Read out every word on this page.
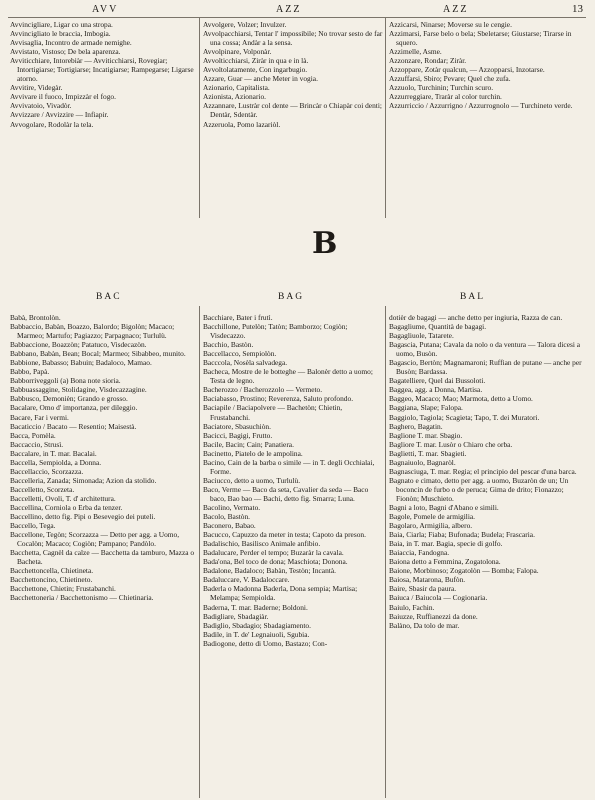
AVV	AZZ	AZZ	13

Avvincigliare, Ligar co una stropa.

Avvincigliato le braccia, Imbogia.

Avvisaglia, Incontro de armade nemighe.

Avvistato, Vistoso; De bela aparenza.

Avviticchiare, Intorebiàr — Avviticchiarsi, Rovegiar; Intortigiarse; Tortigiarse; Incatigiarse; Rampegarse; Ligarse atorno.

Avvitire, Videgàr.

Avvivare il fuoco, Impizzàr el fogo.

Avvivatoio, Vivadòr.

Avvizzare / Avvizzire — Infiapir.

Avvogolare, Rodolàr la tela.

Avvolgere, Volzer; Invulzer.

Avvolpacchiarsi, Tentar l' impossibile; No trovar sesto de far una cossa; Andàr a la sensa.

Avvolpinare, Volponàr.

Avvolticchiarsi, Ziràr in qua e in là.

Avvoltolatamente, Con ingarbugio.

Azzare, Guar — anche Meter in vogia.

Azionario, Capitalista.

Azionista, Azionario.

Azzannare, Lustràr col dente — Brincàr o Chiapàr coi denti; Dentàr, Sdentàr.

Azzeruola, Pomo lazariòl.

Azzicarsi, Ninarse; Moverse su le cengie.

Azzimarsi, Farse belo o bela; Sbeletarse; Giustarse; Tirarse in squero.

Azzimelle, Asme.

Azzonzare, Rondar; Ziràr.

Azzoppare, Zotàr qualcun, — Azzopparsi, Inzotarse.

Azzuffarsi, Sbiro; Pevare; Quel che zufa.

Azzuolo, Turchinin; Turchin scuro.

Azzurreggiare, Traràr al color turchin.

Azzurriccio / Azzurrigno / Azzurrognolo — Turchineto verde.

B
BAC	BAG	BAL

Babà, Brontolòn.

Babbaccio, Babàn, Boazzo, Balordo; Bigolòn; Macaco; Marmeo; Martufo; Pagiazzo; Parpagnaco; Turlulù.

Babbaccione, Boazzòn; Patatuco, Visdecazòn.

Babbano, Babàn, Bean; Bocal; Marmeo; Sibabbeo, munito.

Babbione, Babasso; Babuin; Badaloco, Mamao.

Babbo, Papà.

Babborriveggoli (a) Bona note sioria.

Babbuassaggine, Stolidagine, Visdecazzagine.

Babbusco, Demonièn; Grando e grosso.

Bacalare, Omo d' importanza, per dileggio.

Bacare, Far i vermi.

Bacaticcio / Bacato — Resentio; Maisestà.

Bacca, Pomèla.

Baccaccio, Strusì.

Baccalare, in T. mar. Bacalai.

Baccella, Sempiolda, a Donna.

Baccellaccio, Scorzazza.

Baccelleria, Zanada; Simonada; Azion da stolido.

Baccelletto, Scorzeta.

Baccelletti, Ovoli, T. d' architettura.

Baccellina, Corniola o Erba da tenzer.

Baccellino, detto fig. Pipi o Besevegio dei puteli.

Baccello, Tega.

Baccellone, Tegòn; Scorzazza — Detto per agg. a Uomo, Cocalòn; Macaco; Cogiòn; Pampano; Pandòlo.

Bacchetta, Cagnèl da calze — Bacchetta da tamburo, Mazza o Bacheta.

Bacchettoncella, Chietineta.

Bacchettoncino, Chietineto.

Bacchettone, Chietin; Frustabanchi.

Bacchettoneria / Bacchettonismo — Chietinaria.

Bacchiare, Bater i frutì.

Bacchillone, Putelòn; Tatòn; Bamborzo; Cogiòn; Visdecazzo.

Bacchio, Bastòn.

Baccellacco, Sempiolòn.

Bacccola, Nosèla salvadega.

Bacheca, Mostre de le botteghe — Balonèr detto a uomo; Testa de legno.

Bacherozzo / Bacherozzolo — Vermeto.

Baciabasso, Prostino; Reverenza, Saluto profondo.

Baciapile / Baciapolvere — Bachetòn; Chietin, Frustabanchi.

Baciatore, Sbasuchiòn.

Bacicci, Bagigi, Frutto.

Bacile, Bacin; Cain; Panatiera.

Bacinetto, Piatelo de le ampolina.

Bacino, Cain de la barba o simile — in T. degli Occhialai, Forme.

Baciucco, detto a uomo, Turlulù.

Baco, Verme — Baco da seta, Cavalier da seda — Baco baco, Bao bao — Bachi, detto fig. Smarra; Luna.

Bacolino, Vermato.

Bacolo, Bastòn.

Baconero, Babao.

Bacucco, Capuzzo da meter in testa; Capoto da preson.

Badalischio, Basilisco Animale anfibio.

Badalucare, Perder el tempo; Buzaràr la cavala.

Bada'ona, Bel toco de dona; Maschiota; Donona.

Badalone, Badaloco; Babàn, Testòn; Incantà.

Badaluccare, V. Badaloccare.

Baderla o Madonna Baderla, Dona sempia; Martisa; Melampa; Sempiolda.

Baderna, T. mar. Baderne; Boldoni.

Badigliare, Sbadagiàr.

Badiglio, Sbadagio; Sbadagiamento.

Badile, in T. de' Legnaiuoli, Sgubia.

Badiogone, detto di Uomo, Bastazo; Con-

dotièr de bagagi — anche detto per ingiuria, Razza de can.

Bagagliume, Quantità de bagagi.

Bagagliuole, Tatarete.

Bagascia, Putana; Cavala da nolo o da ventura — Talora dicesi a uomo, Busòn.

Bagascio, Bertòn; Magnamaroni; Ruffian de putane — anche per Busòn; Bardassa.

Bagatelliere, Quel dai Bussoloti.

Baggea, agg. a Donna, Martisa.

Baggeo, Macaco; Mao; Marmota, detto a Uomo.

Baggiana, Slape; Falopa.

Baggiolo, Tagiola; Scagieta; Tapo, T. dei Muratori.

Baghero, Bagatin.

Baglione T. mar. Sbagio.

Bagliore T. mar. Lusòr o Chiaro che orba.

Baglietti, T. mar. Sbagieti.

Bagnaiuolo, Bagnaròl.

Bagnasciuga, T. mar. Regia; el principio del pescar d'una barca.

Bagnato e cimato, detto per agg. a uomo, Buzaròn de un; Un boconcin de furbo o de peruca; Gima de drito; Fionazzo; Fionòn; Muschieto.

Bagni a loto, Bagni d'Abano e simili.

Bagole, Pomele de armigilia.

Bagolaro, Armigilia, albero.

Baia, Ciarla; Fiaba; Bufonada; Budela; Frascaria.

Baia, in T. mar. Bagia, specie di golfo.

Baiaccia, Fandogna.

Baiona detto a Femmina, Zogatolona.

Baione, Morbinoso; Zogatolòn — Bomba; Falopa.

Baiosa, Matarona, Bufòn.

Baire, Sbasir da paura.

Baiuca / Baiucola — Cogionaria.

Baiulo, Fachin.

Baiuzze, Ruffianezzi da done.

Balàno, Da tolo de mar.
